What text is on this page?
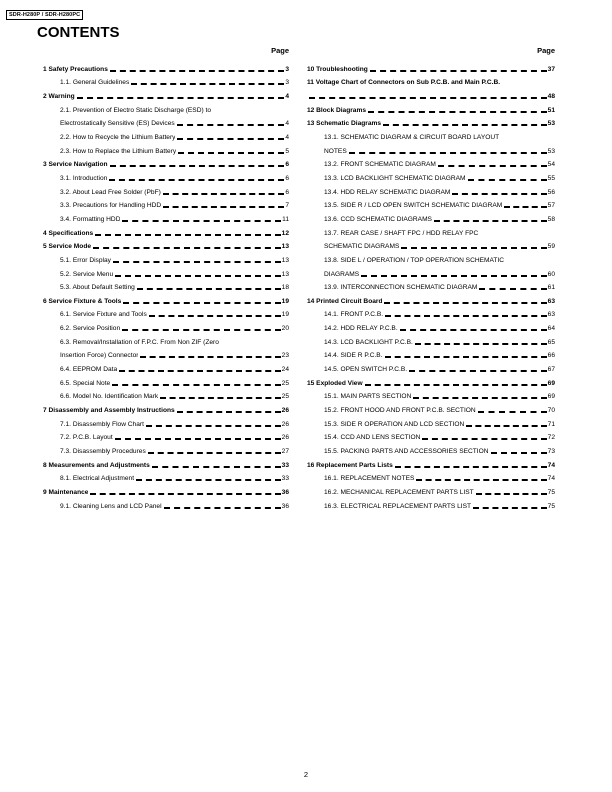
SDR-H280P / SDR-H280PC
CONTENTS
Page
1 Safety Precautions	3
1.1. General Guidelines	3
2 Warning	4
2.1. Prevention of Electro Static Discharge (ESD) to
Electrostatically Sensitive (ES) Devices	4
2.2. How to Recycle the Lithium Battery	4
2.3. How to Replace the Lithium Battery	5
3 Service Navigation	6
3.1. Introduction	6
3.2. About Lead Free Solder (PbF)	6
3.3. Precautions for Handling HDD	7
3.4. Formatting HDD	11
4 Specifications	12
5 Service Mode	13
5.1. Error Display	13
5.2. Service Menu	13
5.3. About Default Setting	18
6 Service Fixture & Tools	19
6.1. Service Fixture and Tools	19
6.2. Service Position	20
6.3. Removal/Installation of F.P.C. From Non ZIF (Zero
Insertion Force) Connector	23
6.4. EEPROM Data	24
6.5. Special Note	25
6.6. Model No. Identification Mark	25
7 Disassembly and Assembly Instructions	26
7.1. Disassembly Flow Chart	26
7.2. P.C.B. Layout	26
7.3. Disassembly Procedures	27
8 Measurements and Adjustments	33
8.1. Electrical Adjustment	33
9 Maintenance	36
9.1. Cleaning Lens and LCD Panel	36
Page
10 Troubleshooting	37
11 Voltage Chart of Connectors on Sub P.C.B. and Main P.C.B.
48
12 Block Diagrams	51
13 Schematic Diagrams	53
13.1. SCHEMATIC DIAGRAM & CIRCUIT BOARD LAYOUT
NOTES	53
13.2. FRONT SCHEMATIC DIAGRAM	54
13.3. LCD BACKLIGHT SCHEMATIC DIAGRAM	55
13.4. HDD RELAY SCHEMATIC DIAGRAM	56
13.5. SIDE R / LCD OPEN SWITCH SCHEMATIC DIAGRAM	57
13.6. CCD SCHEMATIC DIAGRAMS	58
13.7. REAR CASE / SHAFT FPC / HDD RELAY FPC
SCHEMATIC DIAGRAMS	59
13.8. SIDE L / OPERATION / TOP OPERATION SCHEMATIC
DIAGRAMS	60
13.9. INTERCONNECTION SCHEMATIC DIAGRAM	61
14 Printed Circuit Board	63
14.1. FRONT P.C.B.	63
14.2. HDD RELAY P.C.B.	64
14.3. LCD BACKLIGHT P.C.B.	65
14.4. SIDE R P.C.B.	66
14.5. OPEN SWITCH P.C.B.	67
15 Exploded View	69
15.1. MAIN PARTS SECTION	69
15.2. FRONT HOOD AND FRONT P.C.B. SECTION	70
15.3. SIDE R OPERATION AND LCD SECTION	71
15.4. CCD AND LENS SECTION	72
15.5. PACKING PARTS AND ACCESSORIES SECTION	73
16 Replacement Parts Lists	74
16.1. REPLACEMENT NOTES	74
16.2. MECHANICAL REPLACEMENT PARTS LIST	75
16.3. ELECTRICAL REPLACEMENT PARTS LIST	75
2
